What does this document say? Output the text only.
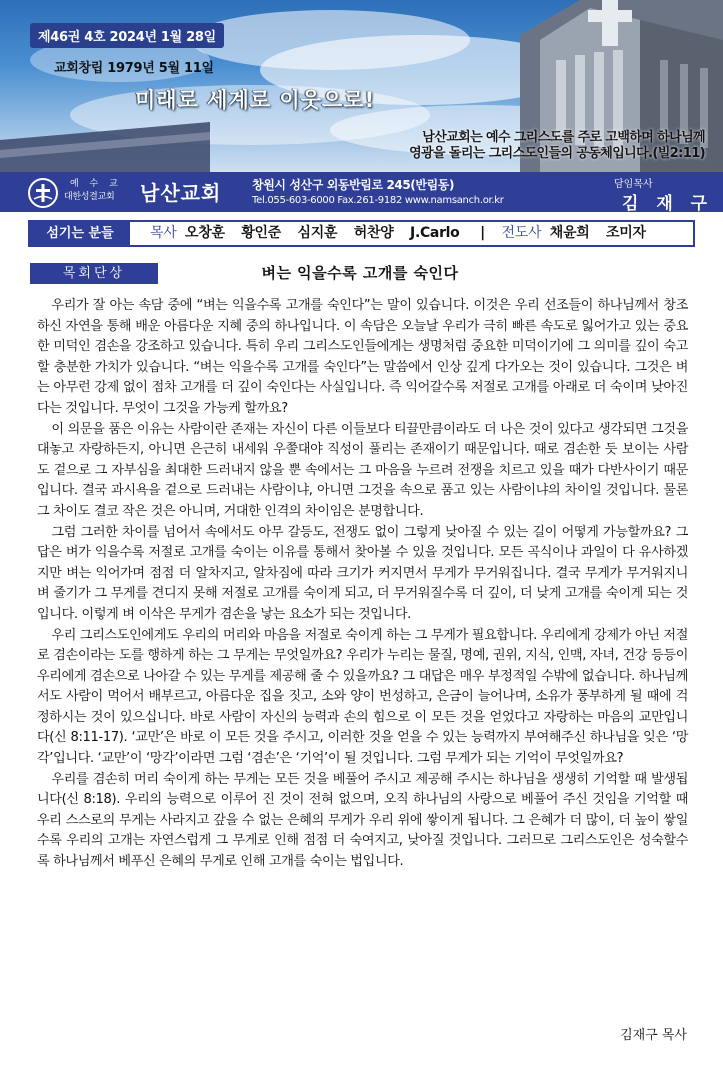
제46권 4호 2024년 1월 28일
교회창립 1979년 5월 11일
미래로 세계로 이웃으로!
남산교회는 예수 그리스도를 주로 고백하며 하나님께
영광을 돌리는 그리스도인들의 공동체입니다.(빌2:11)
예 수 교
대한성결교회	남산교회	창원시 성산구 외동반림로 245(반림동)
Tel.055-603-6000 Fax.261-9182 www.namsanch.or.kr
담임목사
김 재 구
섬기는 분들	목사 오창훈 황인준 심지훈 허찬양 J.Carlo | 전도사 채윤희 조미자
목회단상	벼는 익을수록 고개를 숙인다

우리가 잘 아는 속담 중에 “벼는 익을수록 고개를 숙인다”는 말이 있습니다. 이것은 우리 선조들이 하나님께서 창조하신 자연을 통해 배운 아름다운 지혜 중의 하나입니다. 이 속담은 오늘날 우리가 극히 빠른 속도로 잃어가고 있는 중요한 미덕인 겸손을 강조하고 있습니다. 특히 우리 그리스도인들에게는 생명처럼 중요한 미덕이기에 그 의미를 깊이 숙고할 충분한 가치가 있습니다. “벼는 익을수록 고개를 숙인다”는 말씀에서 인상 깊게 다가오는 것이 있습니다. 그것은 벼는 아무런 강제 없이 점차 고개를 더 깊이 숙인다는 사실입니다. 즉 익어갈수록 저절로 고개를 아래로 더 숙이며 낮아진다는 것입니다. 무엇이 그것을 가능케 할까요?

이 의문을 품은 이유는 사람이란 존재는 자신이 다른 이들보다 티끌만큼이라도 더 나은 것이 있다고 생각되면 그것을 대놓고 자랑하든지, 아니면 은근히 내세워 우쭐대야 직성이 풀리는 존재이기 때문입니다. 때로 겸손한 듯 보이는 사람도 겉으로 그 자부심을 최대한 드러내지 않을 뿐 속에서는 그 마음을 누르려 전쟁을 치르고 있을 때가 다반사이기 때문입니다. 결국 과시욕을 겉으로 드러내는 사람이냐, 아니면 그것을 속으로 품고 있는 사람이냐의 차이일 것입니다. 물론 그 차이도 결코 작은 것은 아니며, 거대한 인격의 차이임은 분명합니다.

그럼 그러한 차이를 넘어서 속에서도 아무 갈등도, 전쟁도 없이 그렇게 낮아질 수 있는 길이 어떻게 가능할까요? 그 답은 벼가 익을수록 저절로 고개를 숙이는 이유를 통해서 찾아볼 수 있을 것입니다. 모든 곡식이나 과일이 다 유사하겠지만 벼는 익어가며 점점 더 알차지고, 알차짐에 따라 크기가 커지면서 무게가 무거워집니다. 결국 무게가 무거워지니 벼 줄기가 그 무게를 견디지 못해 저절로 고개를 숙이게 되고, 더 무거워질수록 더 깊이, 더 낮게 고개를 숙이게 되는 것입니다. 이렇게 벼 이삭은 무게가 겸손을 낳는 요소가 되는 것입니다.

우리 그리스도인에게도 우리의 머리와 마음을 저절로 숙이게 하는 그 무게가 필요합니다. 우리에게 강제가 아닌 저절로 겸손이라는 도를 행하게 하는 그 무게는 무엇일까요? 우리가 누리는 물질, 명예, 권위, 지식, 인맥, 자녀, 건강 등등이 우리에게 겸손으로 나아갈 수 있는 무게를 제공해 줄 수 있을까요? 그 대답은 매우 부정적일 수밖에 없습니다. 하나님께서도 사람이 먹어서 배부르고, 아름다운 집을 짓고, 소와 양이 번성하고, 은금이 늘어나며, 소유가 풍부하게 될 때에 걱정하시는 것이 있으십니다. 바로 사람이 자신의 능력과 손의 힘으로 이 모든 것을 얻었다고 자랑하는 마음의 교만입니다(신 8:11-17). ‘교만’은 바로 이 모든 것을 주시고, 이러한 것을 얻을 수 있는 능력까지 부여해주신 하나님을 잊은 ‘망각’입니다. ‘교만’이 ‘망각’이라면 그럼 ‘겸손’은 ‘기억’이 될 것입니다. 그럼 무게가 되는 기억이 무엇일까요?

우리를 겸손히 머리 숙이게 하는 무게는 모든 것을 베풀어 주시고 제공해 주시는 하나님을 생생히 기억할 때 발생됩니다(신 8:18). 우리의 능력으로 이루어 진 것이 전혀 없으며, 오직 하나님의 사랑으로 베풀어 주신 것임을 기억할 때 우리 스스로의 무게는 사라지고 갚을 수 없는 은혜의 무게가 우리 위에 쌓이게 됩니다. 그 은혜가 더 많이, 더 높이 쌓일수록 우리의 고개는 자연스럽게 그 무게로 인해 점점 더 숙여지고, 낮아질 것입니다. 그러므로 그리스도인은 성숙할수록 하나님께서 베푸신 은혜의 무게로 인해 고개를 숙이는 법입니다.

김재구 목사
